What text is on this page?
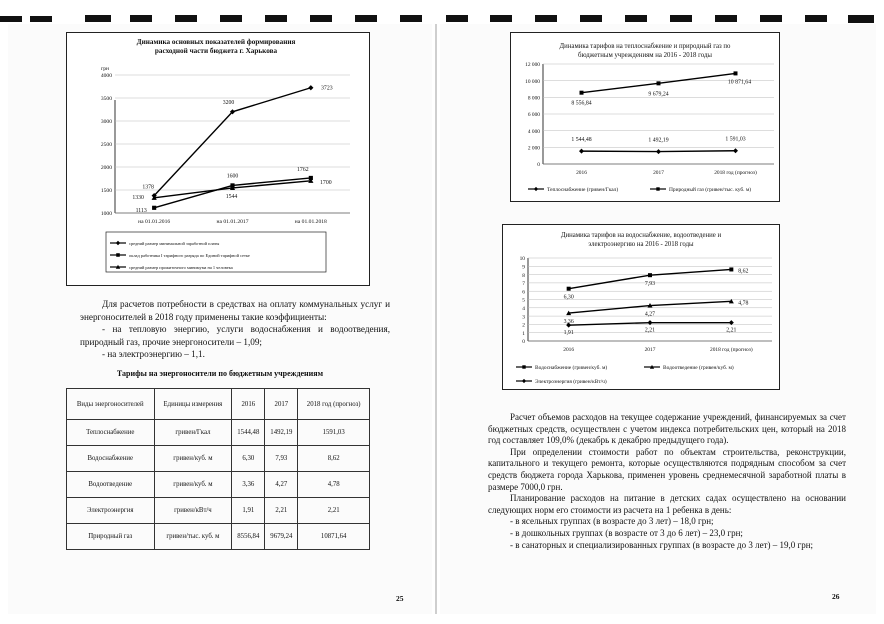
Динамика основных показателей формирования
расходной части бюджета г. Харькова
1378
3200
3723
1113
1600
1762
1330	1544
1700
1000
1500
2000
2500
3000
3500
4000
на 01.01.2016	на 01.01.2017	на 01.01.2018
грн
средний размер минимальной заработной платы
оклад работника I тарифного разряда по Единой тарифной сетке
средний размер прожиточного минимума на 1 человека

Для расчетов потребности в средствах на оплату коммунальных услуг и энергоносителей в 2018 году применены такие коэффициенты:

- на тепловую энергию, услуги водоснабжения и водоотведения, природный газ, прочие энергоносители – 1,09;

- на электроэнергию – 1,1.

Тарифы на энергоносители по бюджетным учреждениям
Виды энергоносителей	Единицы измерения	2016	2017	2018 год (прогноз)
Теплоснабжение	гривен/Гкал	1544,48	1492,19	1591,03
Водоснабжение	гривен/куб. м	6,30	7,93	8,62
Водоотведение	гривен/куб. м	3,36	4,27	4,78
Электроэнергия	гривен/кВт/ч	1,91	2,21	2,21
Природный газ	гривен/тыс. куб. м	8556,84	9679,24	10871,64
25
Динамика тарифов на теплоснабжение и природный газ по
бюджетным учреждениям на 2016 - 2018 годы
1 544,48	1 492,19	1 591,03
8 556,84
9 679,24
10 871,64
0
2 000
4 000
6 000
8 000
10 000
12 000
2016	2017	2018 год (прогноз)
Теплоснабжение (гривен/Гкал)	Природный газ (гривен/тыс. куб. м)
Динамика тарифов на водоснабжение, водоотведение и
электроэнергию на 2016 - 2018 годы
6,30
7,93
8,62
3,36
4,27
4,78
1,91	2,21	2,21
0
1
2
3
4
5
6
7
8
9
10
2016	2017	2018 год (прогноз)
Водоснабжение (гривен/куб. м)	Водоотведение (гривен/куб. м)
Электроэнергия (гривен/кВт/ч)

Расчет объемов расходов на текущее содержание учреждений, финансируемых за счет бюджетных средств, осуществлен с учетом индекса потребительских цен, который на 2018 год составляет 109,0% (декабрь к декабрю предыдущего года).

При определении стоимости работ по объектам строительства, реконструкции, капитального и текущего ремонта, которые осуществляются подрядным способом за счет средств бюджета города Харькова, применен уровень среднемесячной заработной платы в размере 7000,0 грн.

Планирование расходов на питание в детских садах осуществлено на основании следующих норм его стоимости из расчета на 1 ребенка в день:

- в ясельных группах (в возрасте до 3 лет) – 18,0 грн;

- в дошкольных группах (в возрасте от 3 до 6 лет) – 23,0 грн;

- в санаторных и специализированных группах (в возрасте до 3 лет) – 19,0 грн;

26
